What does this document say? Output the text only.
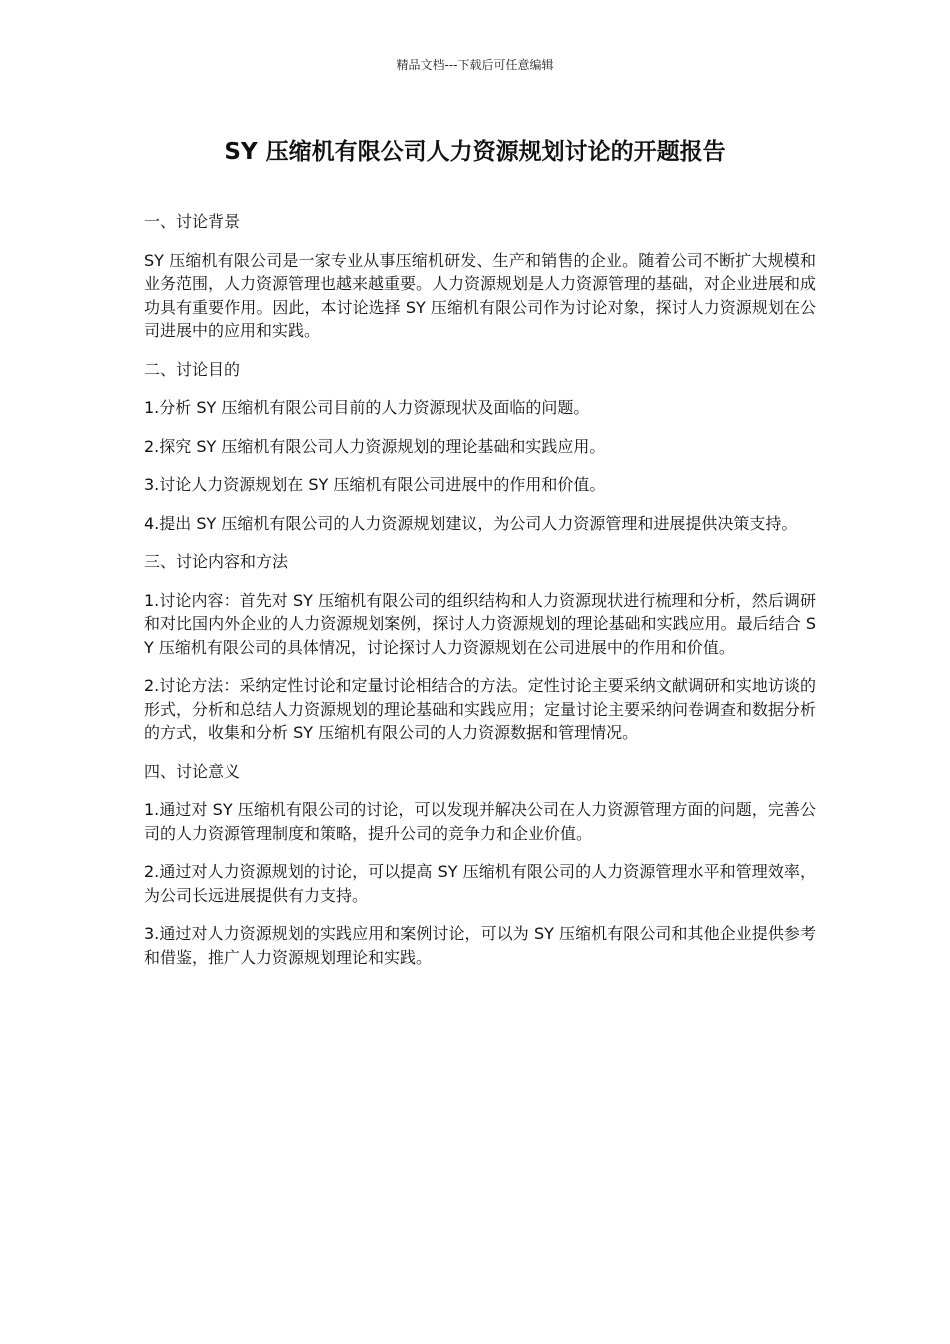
精品文档---下载后可任意编辑
SY 压缩机有限公司人力资源规划讨论的开题报告
一、讨论背景

SY 压缩机有限公司是一家专业从事压缩机研发、生产和销售的企业。随着公司不断扩大规模和业务范围，人力资源管理也越来越重要。人力资源规划是人力资源管理的基础，对企业进展和成功具有重要作用。因此，本讨论选择 SY 压缩机有限公司作为讨论对象，探讨人力资源规划在公司进展中的应用和实践。

二、讨论目的

1.分析 SY 压缩机有限公司目前的人力资源现状及面临的问题。

2.探究 SY 压缩机有限公司人力资源规划的理论基础和实践应用。

3.讨论人力资源规划在 SY 压缩机有限公司进展中的作用和价值。

4.提出 SY 压缩机有限公司的人力资源规划建议，为公司人力资源管理和进展提供决策支持。

三、讨论内容和方法

1.讨论内容：首先对 SY 压缩机有限公司的组织结构和人力资源现状进行梳理和分析，然后调研和对比国内外企业的人力资源规划案例，探讨人力资源规划的理论基础和实践应用。最后结合 SY 压缩机有限公司的具体情况，讨论探讨人力资源规划在公司进展中的作用和价值。

2.讨论方法：采纳定性讨论和定量讨论相结合的方法。定性讨论主要采纳文献调研和实地访谈的形式，分析和总结人力资源规划的理论基础和实践应用；定量讨论主要采纳问卷调查和数据分析的方式，收集和分析 SY 压缩机有限公司的人力资源数据和管理情况。

四、讨论意义

1.通过对 SY 压缩机有限公司的讨论，可以发现并解决公司在人力资源管理方面的问题，完善公司的人力资源管理制度和策略，提升公司的竞争力和企业价值。

2.通过对人力资源规划的讨论，可以提高 SY 压缩机有限公司的人力资源管理水平和管理效率，为公司长远进展提供有力支持。

3.通过对人力资源规划的实践应用和案例讨论，可以为 SY 压缩机有限公司和其他企业提供参考和借鉴，推广人力资源规划理论和实践。
